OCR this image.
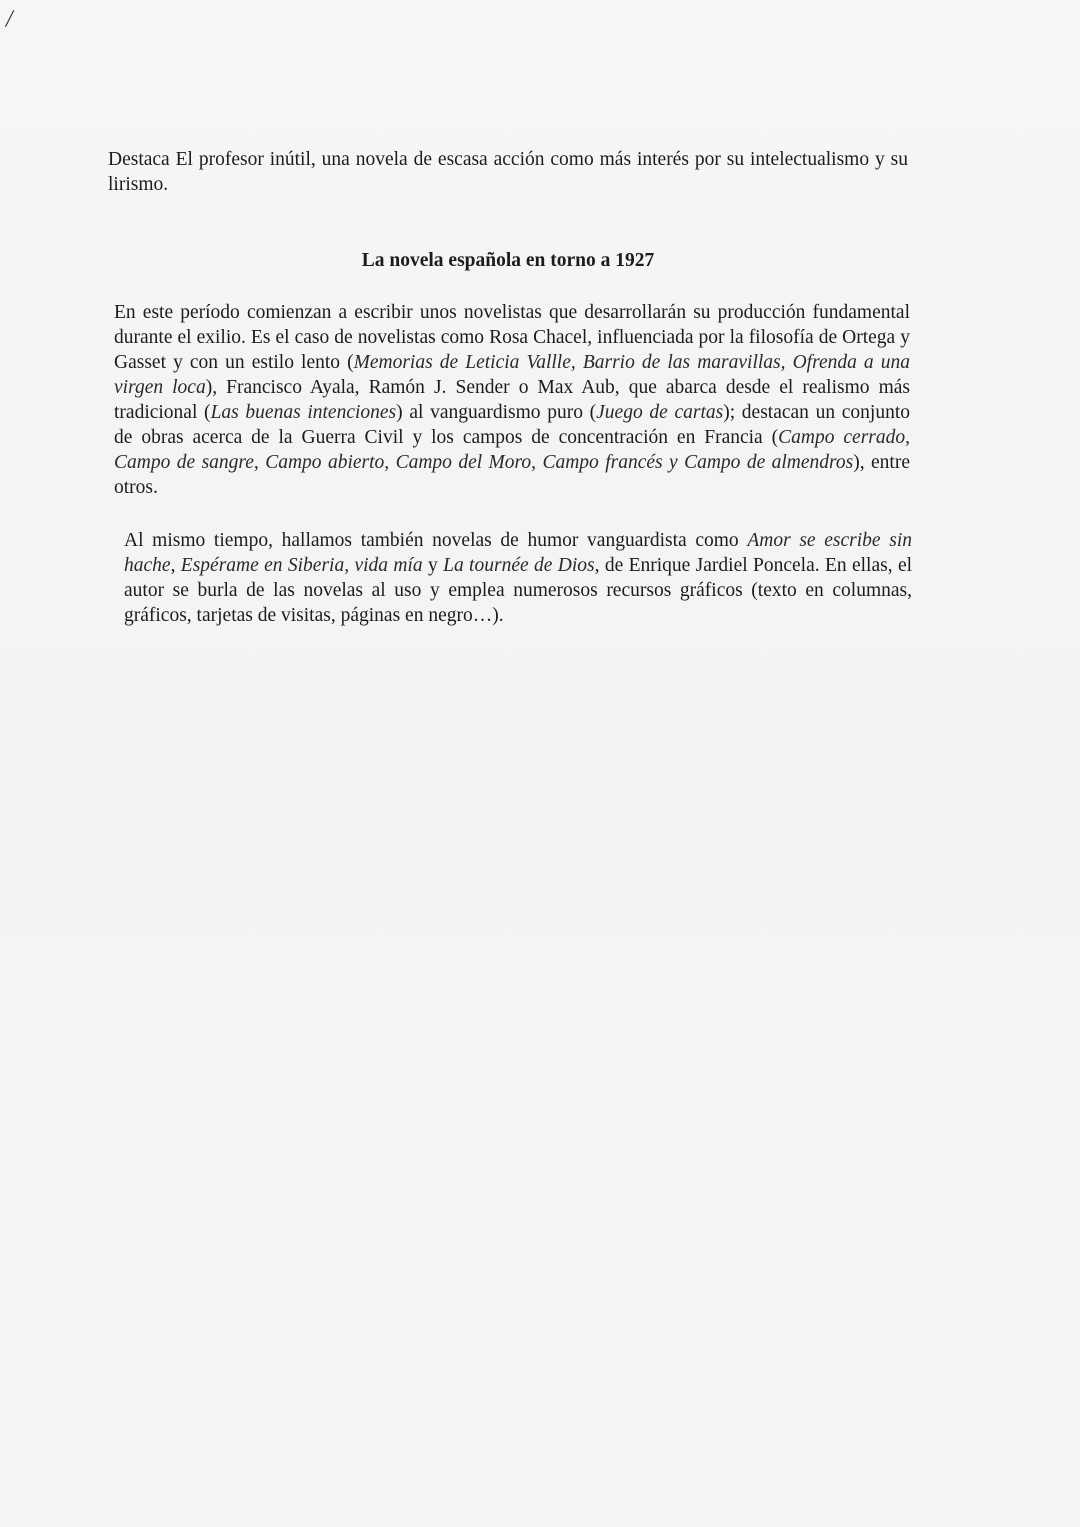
/

Destaca El profesor inútil, una novela de escasa acción como más interés por su intelectualismo y su lirismo.

La novela española en torno a 1927

En este período comienzan a escribir unos novelistas que desarrollarán su producción fundamental durante el exilio. Es el caso de novelistas como Rosa Chacel, influenciada por la filosofía de Ortega y Gasset y con un estilo lento (Memorias de Leticia Vallle, Barrio de las maravillas, Ofrenda a una virgen loca), Francisco Ayala, Ramón J. Sender o Max Aub, que abarca desde el realismo más tradicional (Las buenas intenciones) al vanguardismo puro (Juego de cartas); destacan un conjunto de obras acerca de la Guerra Civil y los campos de concentración en Francia (Campo cerrado, Campo de sangre, Campo abierto, Campo del Moro, Campo francés y Campo de almendros), entre otros.

Al mismo tiempo, hallamos también novelas de humor vanguardista como Amor se escribe sin hache, Espérame en Siberia, vida mía y La tournée de Dios, de Enrique Jardiel Poncela. En ellas, el autor se burla de las novelas al uso y emplea numerosos recursos gráficos (texto en columnas, gráficos, tarjetas de visitas, páginas en negro…).
